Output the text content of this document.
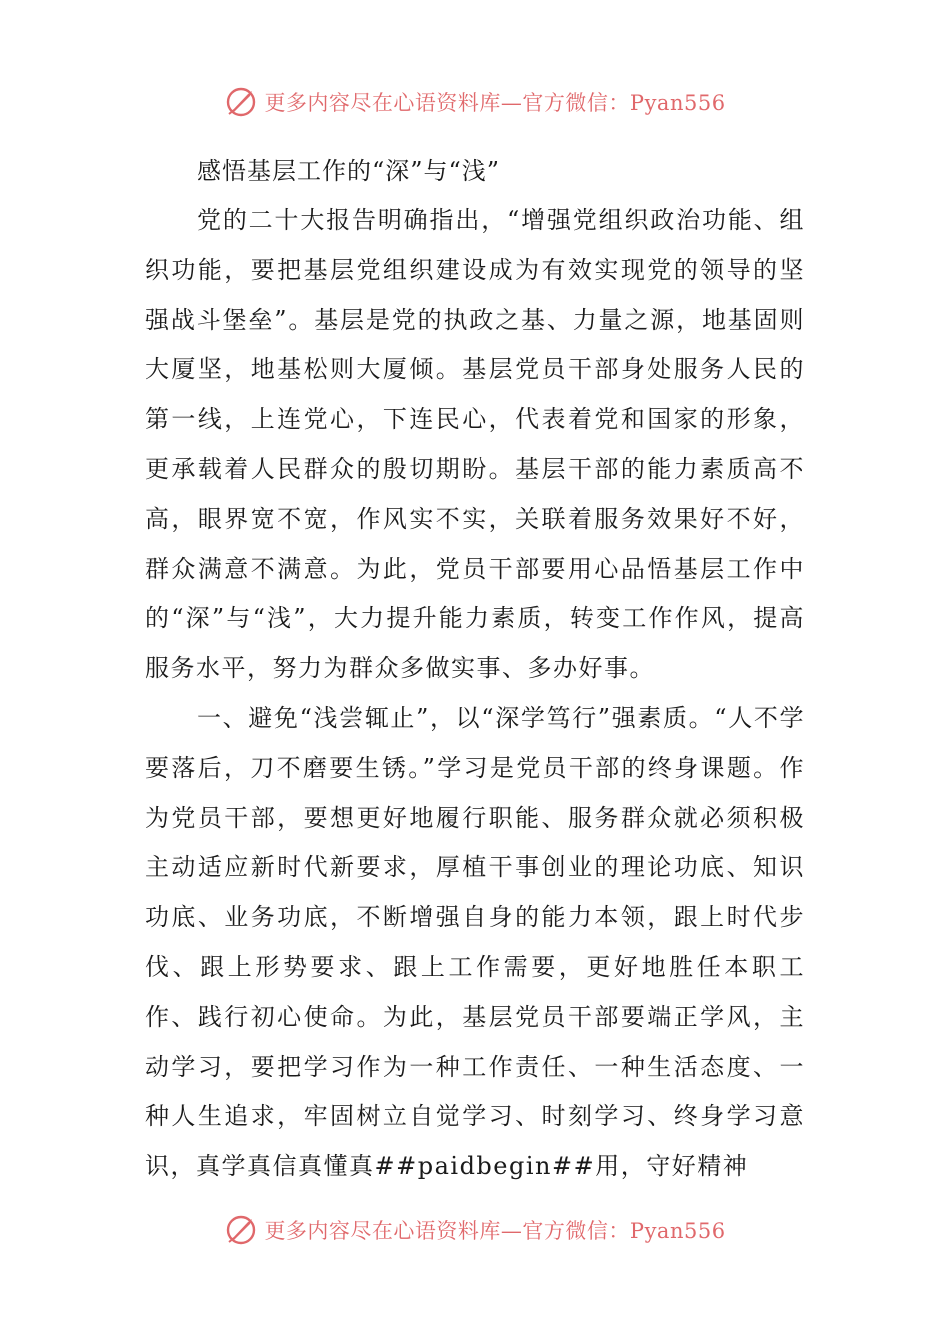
更多内容尽在心语资料库—官方微信：Pyan556

感悟基层工作的“深”与“浅”

党的二十大报告明确指出，“增强党组织政治功能、组织功能，要把基层党组织建设成为有效实现党的领导的坚强战斗堡垒”。基层是党的执政之基、力量之源，地基固则大厦坚，地基松则大厦倾。基层党员干部身处服务人民的第一线，上连党心，下连民心，代表着党和国家的形象，更承载着人民群众的殷切期盼。基层干部的能力素质高不高，眼界宽不宽，作风实不实，关联着服务效果好不好，群众满意不满意。为此，党员干部要用心品悟基层工作中的“深”与“浅”，大力提升能力素质，转变工作作风，提高服务水平，努力为群众多做实事、多办好事。

一、避免“浅尝辄止”，以“深学笃行”强素质。“人不学要落后，刀不磨要生锈。”学习是党员干部的终身课题。作为党员干部，要想更好地履行职能、服务群众就必须积极主动适应新时代新要求，厚植干事创业的理论功底、知识功底、业务功底，不断增强自身的能力本领，跟上时代步伐、跟上形势要求、跟上工作需要，更好地胜任本职工作、践行初心使命。为此，基层党员干部要端正学风，主动学习，要把学习作为一种工作责任、一种生活态度、一种人生追求，牢固树立自觉学习、时刻学习、终身学习意识，真学真信真懂真##paidbegin##用，守好精神

更多内容尽在心语资料库—官方微信：Pyan556
